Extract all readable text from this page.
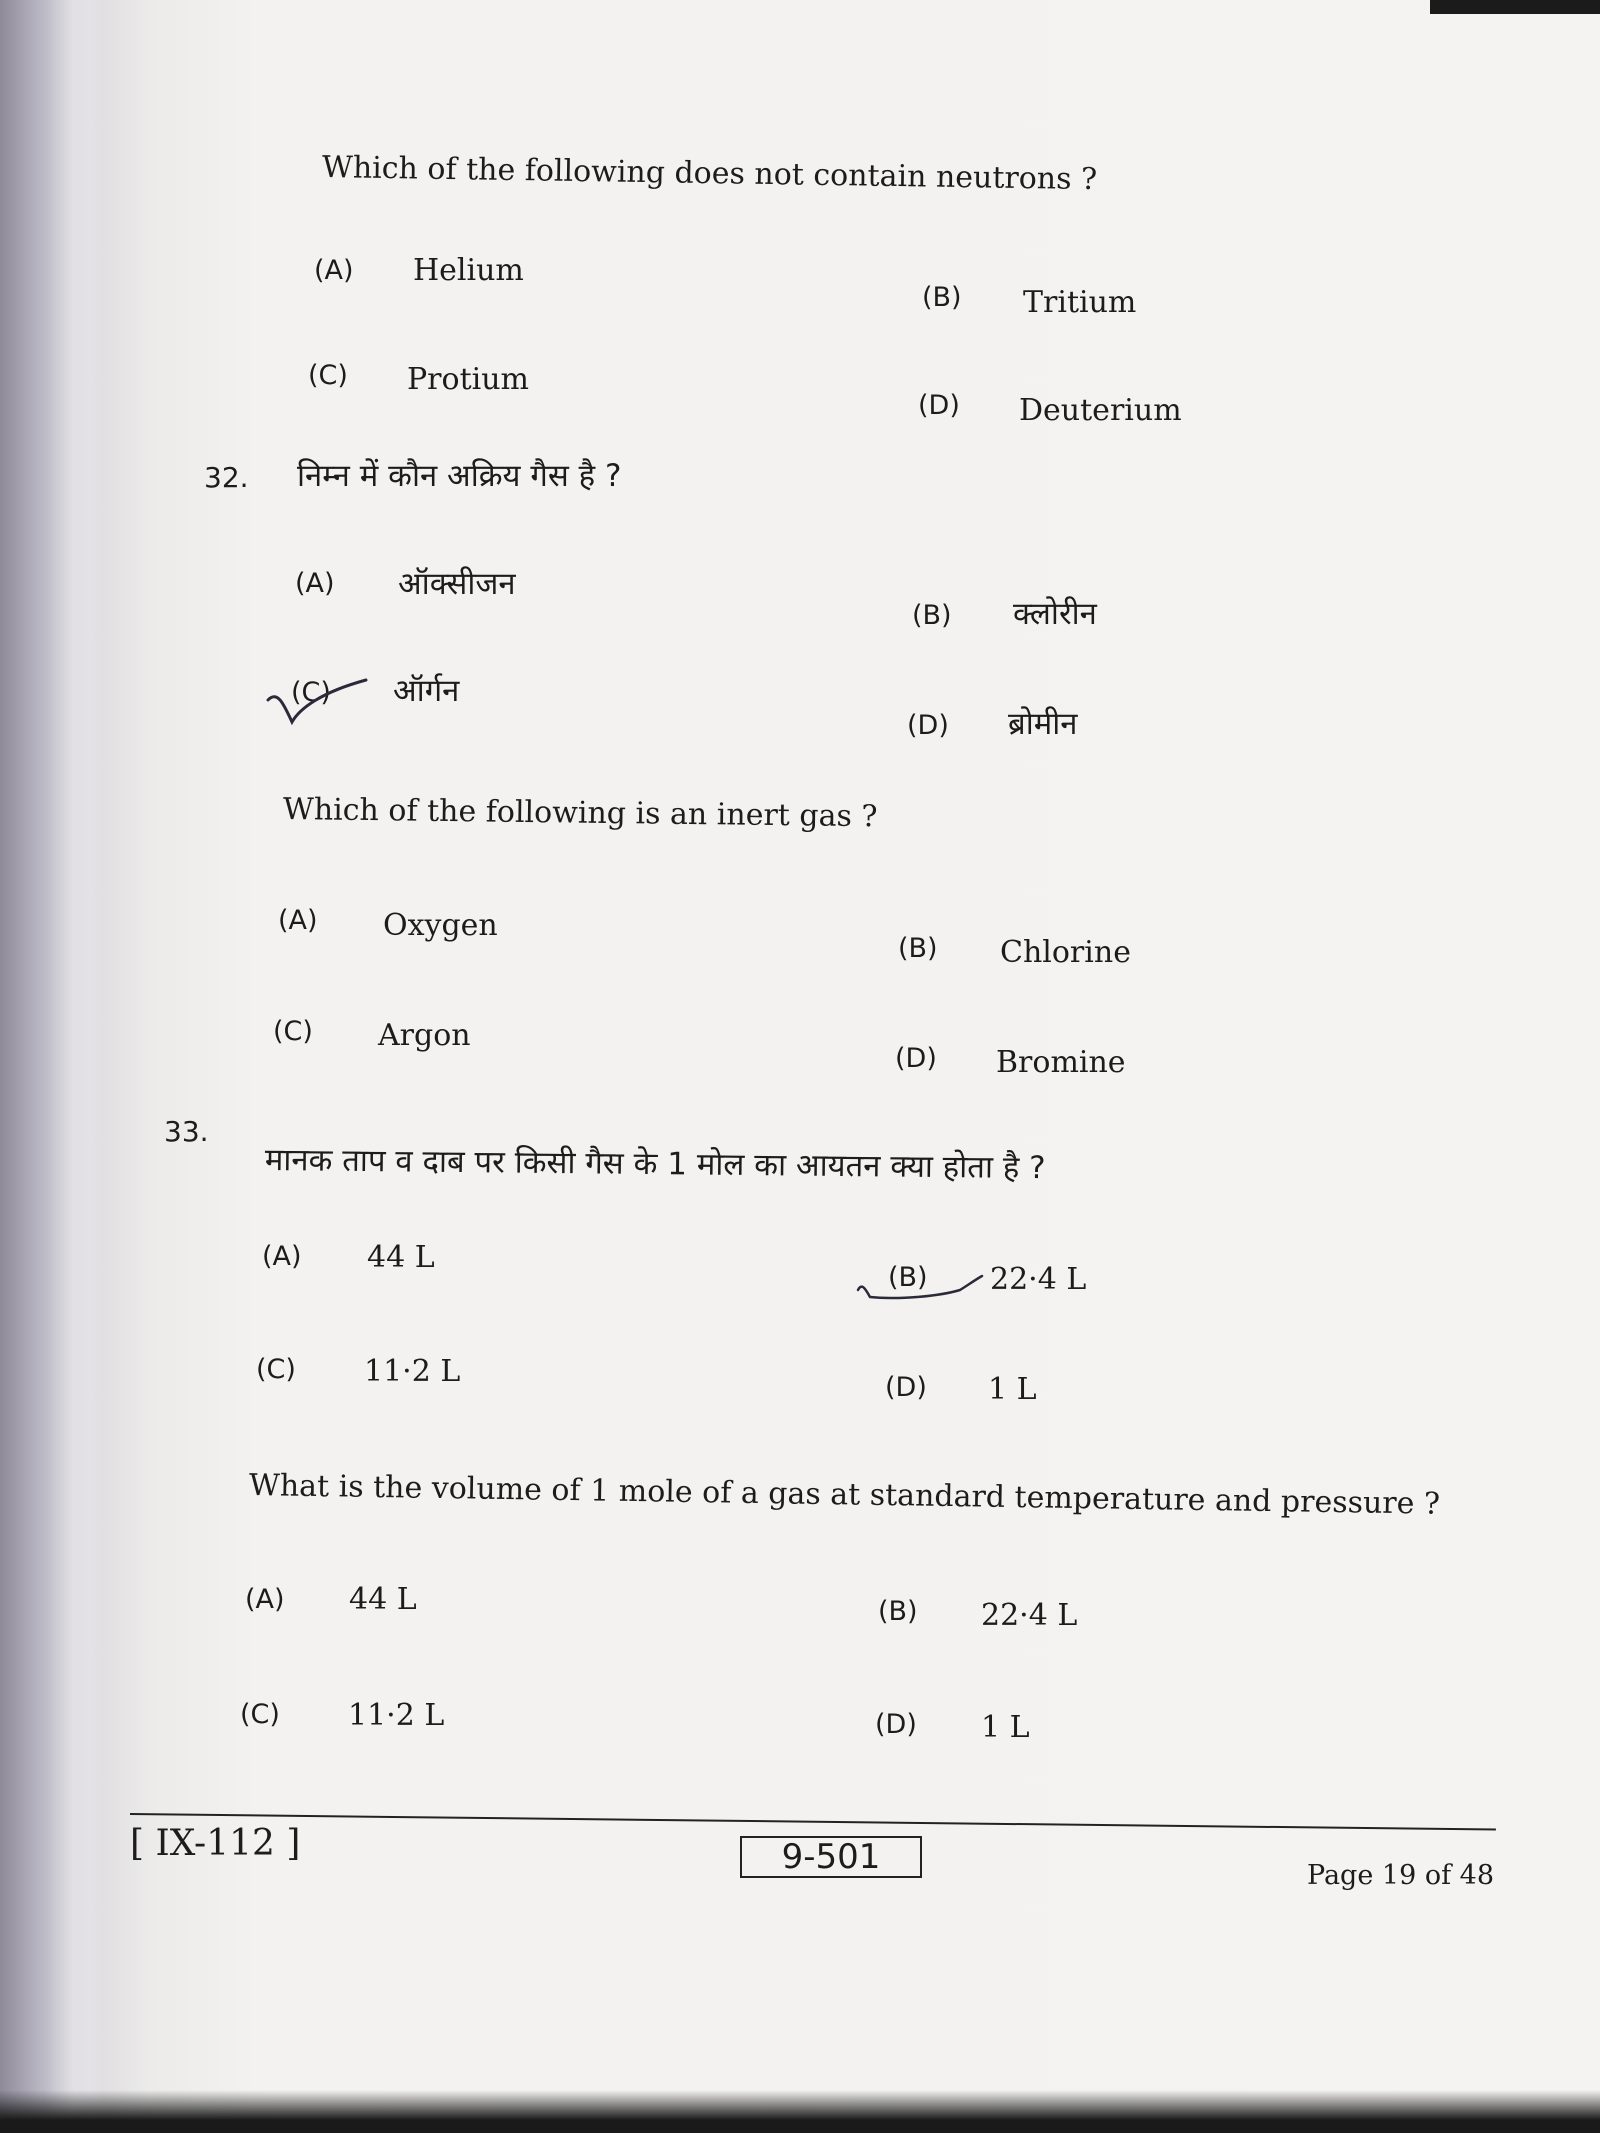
Which of the following does not contain neutrons ?
(A) Helium
(B) Tritium
(C) Protium
(D) Deuterium
32. निम्न में कौन अक्रिय गैस है ?
(A) ऑक्सीजन
(B) क्लोरीन
(C) ऑर्गन
(D) ब्रोमीन
Which of the following is an inert gas ?
(A) Oxygen
(B) Chlorine
(C) Argon
(D) Bromine
33.
मानक ताप व दाब पर किसी गैस के 1 मोल का आयतन क्या होता है ?
(A) 44 L
(B) 22·4 L
(C) 11·2 L	(D) 1 L
What is the volume of 1 mole of a gas at standard temperature and pressure ?
(A) 44 L	(B) 22·4 L
(C) 11·2 L	(D) 1 L
[ IX-112 ]	9-501	Page 19 of 48
